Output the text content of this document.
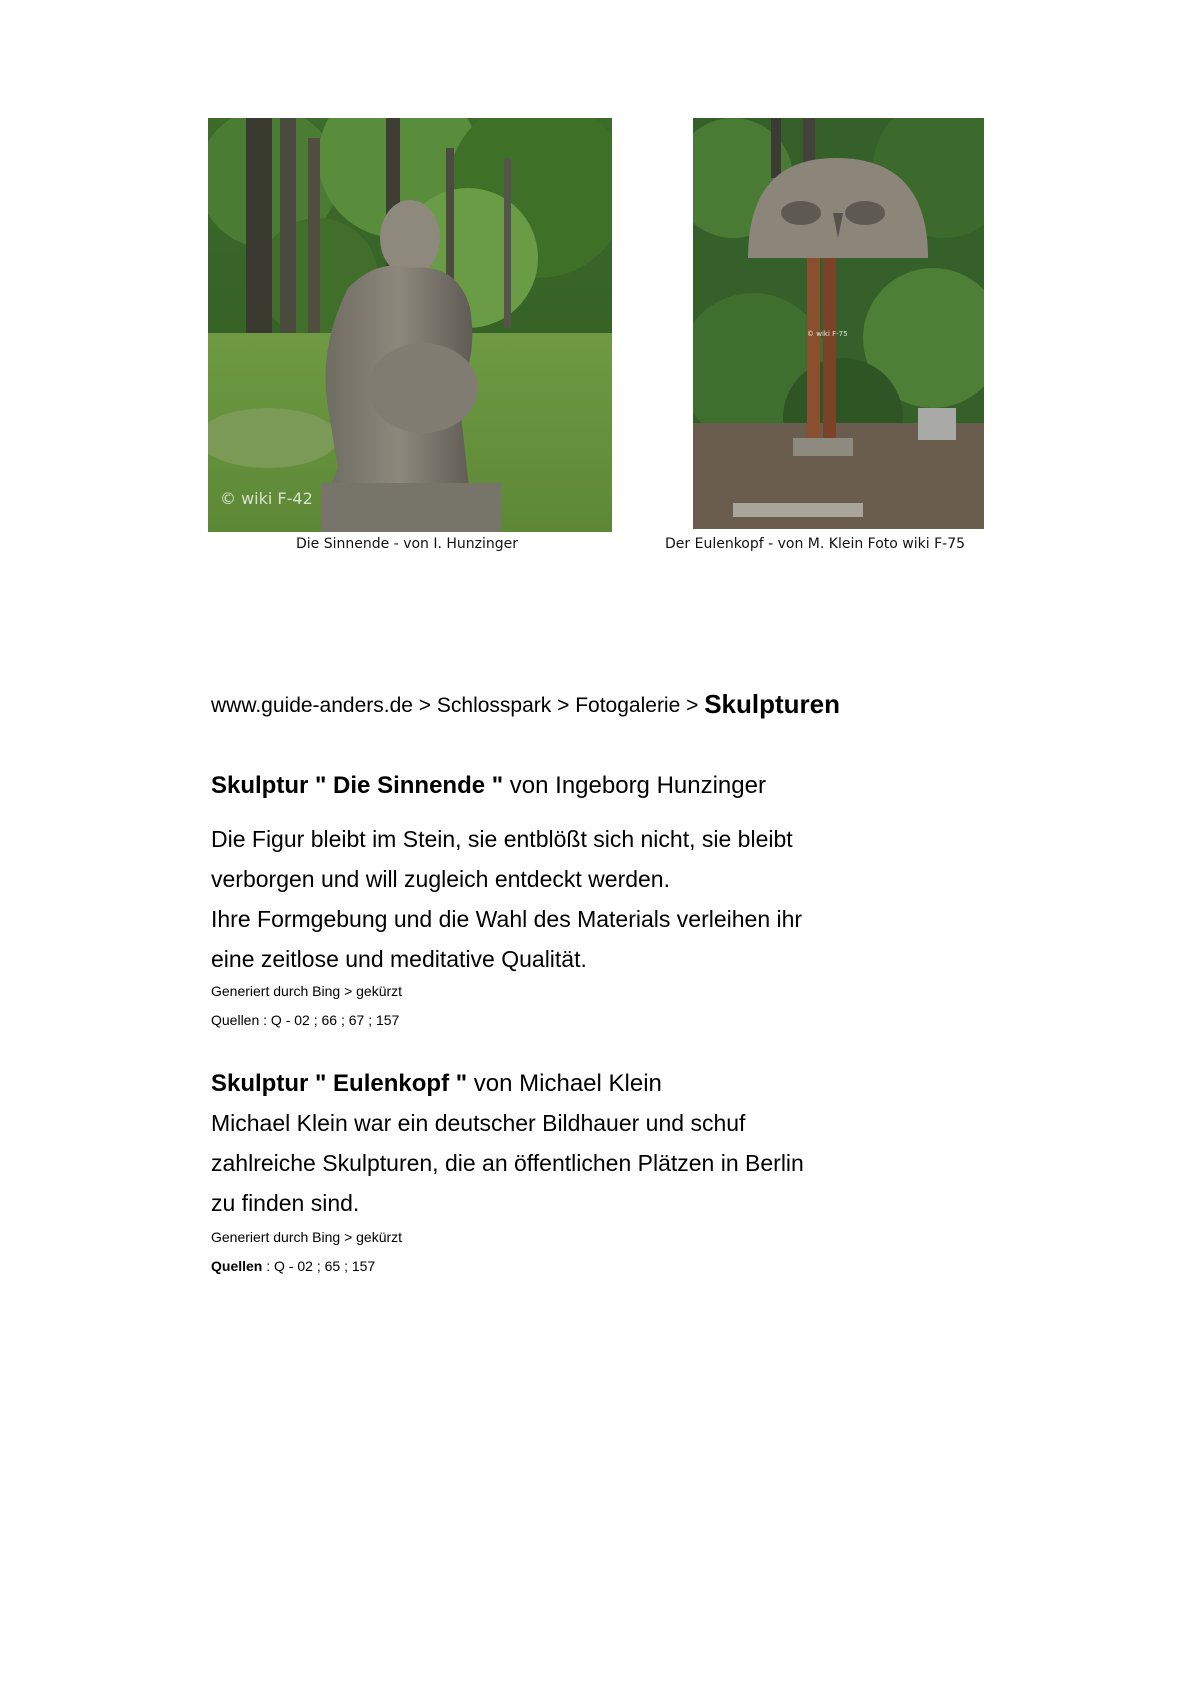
© wiki F-42
Die Sinnende - von I. Hunzinger
© wiki F-75
Der Eulenkopf - von M. Klein Foto wiki F-75
www.guide-anders.de > Schlosspark > Fotogalerie > Skulpturen
Skulptur " Die Sinnende " von Ingeborg Hunzinger
Die Figur bleibt im Stein, sie entblößt sich nicht, sie bleibt
verborgen und will zugleich entdeckt werden.
Ihre Formgebung und die Wahl des Materials verleihen ihr
eine zeitlose und meditative Qualität.
Generiert durch Bing > gekürzt
Quellen : Q - 02 ; 66 ; 67 ; 157
Skulptur " Eulenkopf " von Michael Klein
Michael Klein war ein deutscher Bildhauer und schuf
zahlreiche Skulpturen, die an öffentlichen Plätzen in Berlin
zu finden sind.
Generiert durch Bing > gekürzt
Quellen : Q - 02 ; 65 ; 157
